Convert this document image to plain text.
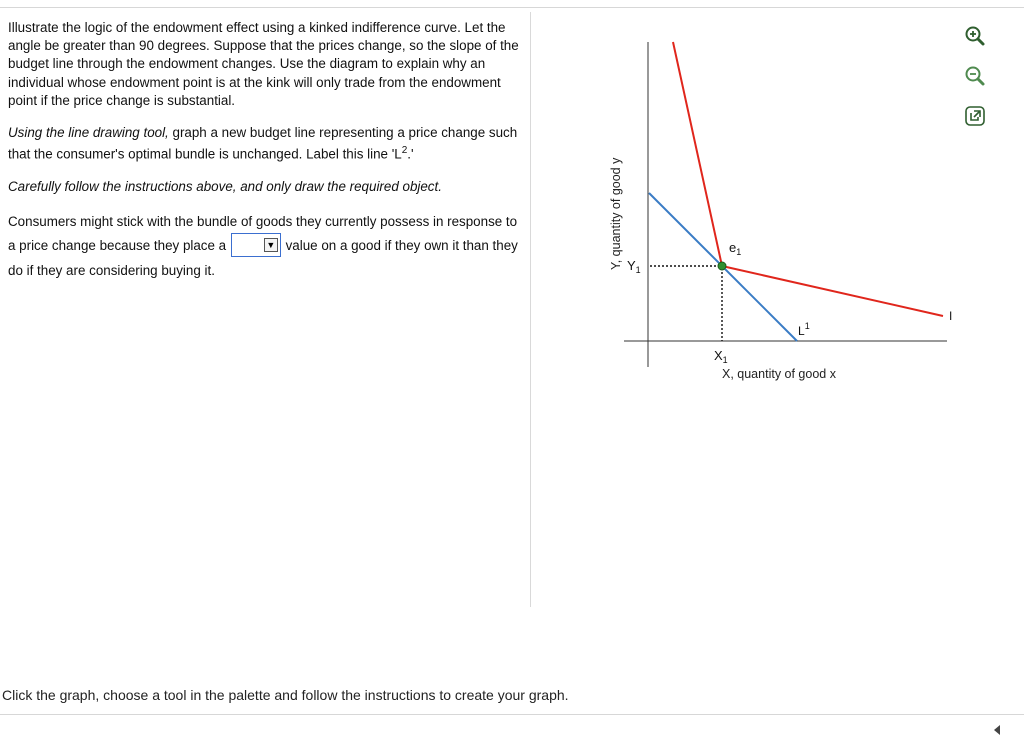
Illustrate the logic of the endowment effect using a kinked indifference curve. Let the angle be greater than 90 degrees. Suppose that the prices change, so the slope of the budget line through the endowment changes. Use the diagram to explain why an individual whose endowment point is at the kink will only trade from the endowment point if the price change is substantial.

Using the line drawing tool, graph a new budget line representing a price change such that the consumer's optimal bundle is unchanged. Label this line '$L^2$.'

Carefully follow the instructions above, and only draw the required object.

Consumers might stick with the bundle of goods they currently possess in response to a price change because they place a	▼ value on a good if they own it than they do if they are considering buying it.

Y, quantity of good y
X, quantity of good x
$e_1$
$Y_1$
$X_1$
$L^1$
I
Click the graph, choose a tool in the palette and follow the instructions to create your graph.
